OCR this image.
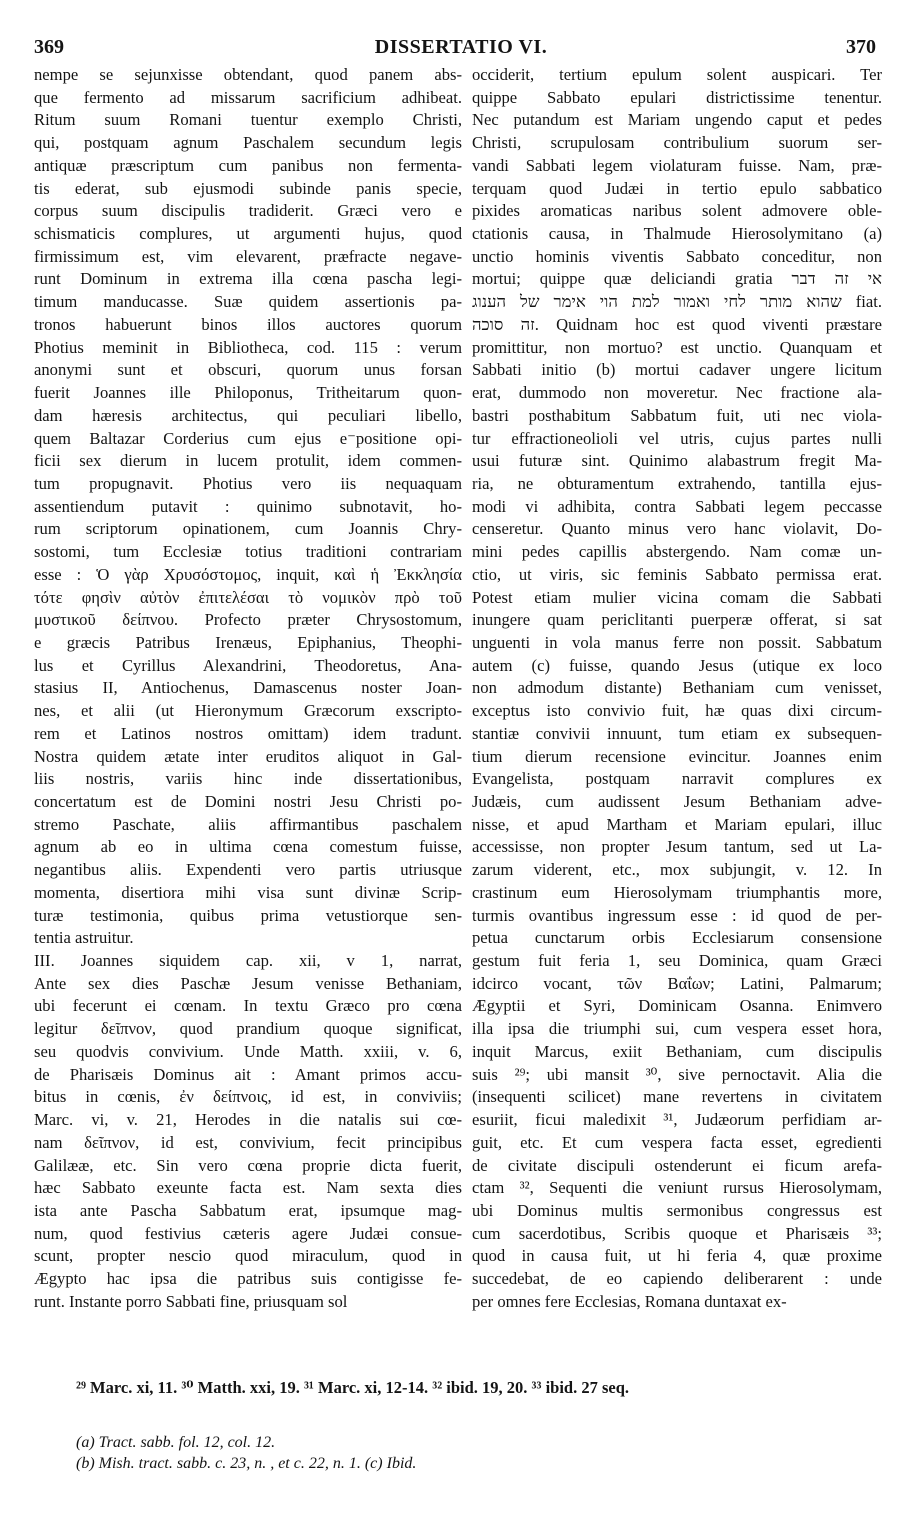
DISSERTATIO VI.
369	370
nempe se sejunxisse obtendant, quod panem abs-
que fermento ad missarum sacrificium adhibeat.
Ritum suum Romani tuentur exemplo Christi,
qui, postquam agnum Paschalem secundum legis
antiquæ præscriptum cum panibus non fermenta-
tis ederat, sub ejusmodi subinde panis specie,
corpus suum discipulis tradiderit. Græci vero e
schismaticis complures, ut argumenti hujus, quod
firmissimum est, vim elevarent, præfracte negave-
runt Dominum in extrema illa cœna pascha legi-
timum manducasse. Suæ quidem assertionis pa-
tronos habuerunt binos illos auctores quorum
Photius meminit in Bibliotheca, cod. 115 : verum
anonymi sunt et obscuri, quorum unus forsan
fuerit Joannes ille Philoponus, Tritheitarum quon-
dam hæresis architectus, qui peculiari libello,
quem Baltazar Corderius cum ejus e⁻positione opi-
ficii sex dierum in lucem protulit, idem commen-
tum propugnavit. Photius vero iis nequaquam
assentiendum putavit : quinimo subnotavit, ho-
rum scriptorum opinationem, cum Joannis Chry-
sostomi, tum Ecclesiæ totius traditioni contrariam
esse : Ὁ γὰρ Χρυσόστομος, inquit, καὶ ἡ Ἐκκλησία
τότε φησὶν αὐτὸν ἐπιτελέσαι τὸ νομικὸν πρὸ τοῦ
μυστικοῦ δείπνου. Profecto præter Chrysostomum,
e græcis Patribus Irenæus, Epiphanius, Theophi-
lus et Cyrillus Alexandrini, Theodoretus, Ana-
stasius II, Antiochenus, Damascenus noster Joan-
nes, et alii (ut Hieronymum Græcorum exscripto-
rem et Latinos nostros omittam) idem tradunt.
Nostra quidem ætate inter eruditos aliquot in Gal-
liis nostris, variis hinc inde dissertationibus,
concertatum est de Domini nostri Jesu Christi po-
stremo Paschate, aliis affirmantibus paschalem
agnum ab eo in ultima cœna comestum fuisse,
negantibus aliis. Expendenti vero partis utriusque
momenta, disertiora mihi visa sunt divinæ Scrip-
turæ testimonia, quibus prima vetustiorque sen-
tentia astruitur.
III. Joannes siquidem cap. xii, v 1, narrat,
Ante sex dies Paschæ Jesum venisse Bethaniam,
ubi fecerunt ei cœnam. In textu Græco pro cœna
legitur δεῖπνον, quod prandium quoque significat,
seu quodvis convivium. Unde Matth. xxiii, v. 6,
de Pharisæis Dominus ait : Amant primos accu-
bitus in cœnis, ἐν δείπνοις, id est, in conviviis;
Marc. vi, v. 21, Herodes in die natalis sui cœ-
nam δεῖπνον, id est, convivium, fecit principibus
Galilææ, etc. Sin vero cœna proprie dicta fuerit,
hæc Sabbato exeunte facta est. Nam sexta dies
ista ante Pascha Sabbatum erat, ipsumque mag-
num, quod festivius cæteris agere Judæi consue-
scunt, propter nescio quod miraculum, quod in
Ægypto hac ipsa die patribus suis contigisse fe-
runt. Instante porro Sabbati fine, priusquam sol
occiderit, tertium epulum solent auspicari. Ter
quippe Sabbato epulari districtissime tenentur.
Nec putandum est Mariam ungendo caput et pedes
Christi, scrupulosam contribulium suorum ser-
vandi Sabbati legem violaturam fuisse. Nam, præ-
terquam quod Judæi in tertio epulo sabbatico
pixides aromaticas naribus solent admovere oble-
ctationis causa, in Thalmude Hierosolymitano (a)
unctio hominis viventis Sabbato conceditur, non
mortui; quippe quæ deliciandi gratia אי זה דבר
שהוא מותר לחי ואמור למת הוי אימר של הענוג fiat.
זה סוכה. Quidnam hoc est quod viventi præstare
promittitur, non mortuo? est unctio. Quanquam et
Sabbati initio (b) mortui cadaver ungere licitum
erat, dummodo non moveretur. Nec fractione ala-
bastri posthabitum Sabbatum fuit, uti nec viola-
tur effractioneolioli vel utris, cujus partes nulli
usui futuræ sint. Quinimo alabastrum fregit Ma-
ria, ne obturamentum extrahendo, tantilla ejus-
modi vi adhibita, contra Sabbati legem peccasse
censeretur. Quanto minus vero hanc violavit, Do-
mini pedes capillis abstergendo. Nam comæ un-
ctio, ut viris, sic feminis Sabbato permissa erat.
Potest etiam mulier vicina comam die Sabbati
inungere quam periclitanti puerperæ offerat, si sat
unguenti in vola manus ferre non possit. Sabbatum
autem (c) fuisse, quando Jesus (utique ex loco
non admodum distante) Bethaniam cum venisset,
exceptus isto convivio fuit, hæ quas dixi circum-
stantiæ convivii innuunt, tum etiam ex subsequen-
tium dierum recensione evincitur. Joannes enim
Evangelista, postquam narravit complures ex
Judæis, cum audissent Jesum Bethaniam adve-
nisse, et apud Martham et Mariam epulari, illuc
accessisse, non propter Jesum tantum, sed ut La-
zarum viderent, etc., mox subjungit, v. 12. In
crastinum eum Hierosolymam triumphantis more,
turmis ovantibus ingressum esse : id quod de per-
petua cunctarum orbis Ecclesiarum consensione
gestum fuit feria 1, seu Dominica, quam Græci
idcirco vocant, τῶν Βαΐων; Latini, Palmarum;
Ægyptii et Syri, Dominicam Osanna. Enimvero
illa ipsa die triumphi sui, cum vespera esset hora,
inquit Marcus, exiit Bethaniam, cum discipulis
suis ²⁹; ubi mansit ³⁰, sive pernoctavit. Alia die
(insequenti scilicet) mane revertens in civitatem
esuriit, ficui maledixit ³¹, Judæorum perfidiam ar-
guit, etc. Et cum vespera facta esset, egredienti
de civitate discipuli ostenderunt ei ficum arefa-
ctam ³², Sequenti die veniunt rursus Hierosolymam,
ubi Dominus multis sermonibus congressus est
cum sacerdotibus, Scribis quoque et Pharisæis ³³;
quod in causa fuit, ut hi feria 4, quæ proxime
succedebat, de eo capiendo deliberarent : unde
per omnes fere Ecclesias, Romana duntaxat ex-
²⁹ Marc. xi, 11. ³⁰ Matth. xxi, 19. ³¹ Marc. xi, 12-14. ³² ibid. 19, 20. ³³ ibid. 27 seq.
(a) Tract. sabb. fol. 12, col. 12.
(b) Mish. tract. sabb. c. 23, n. , et c. 22, n. 1. (c) Ibid.
